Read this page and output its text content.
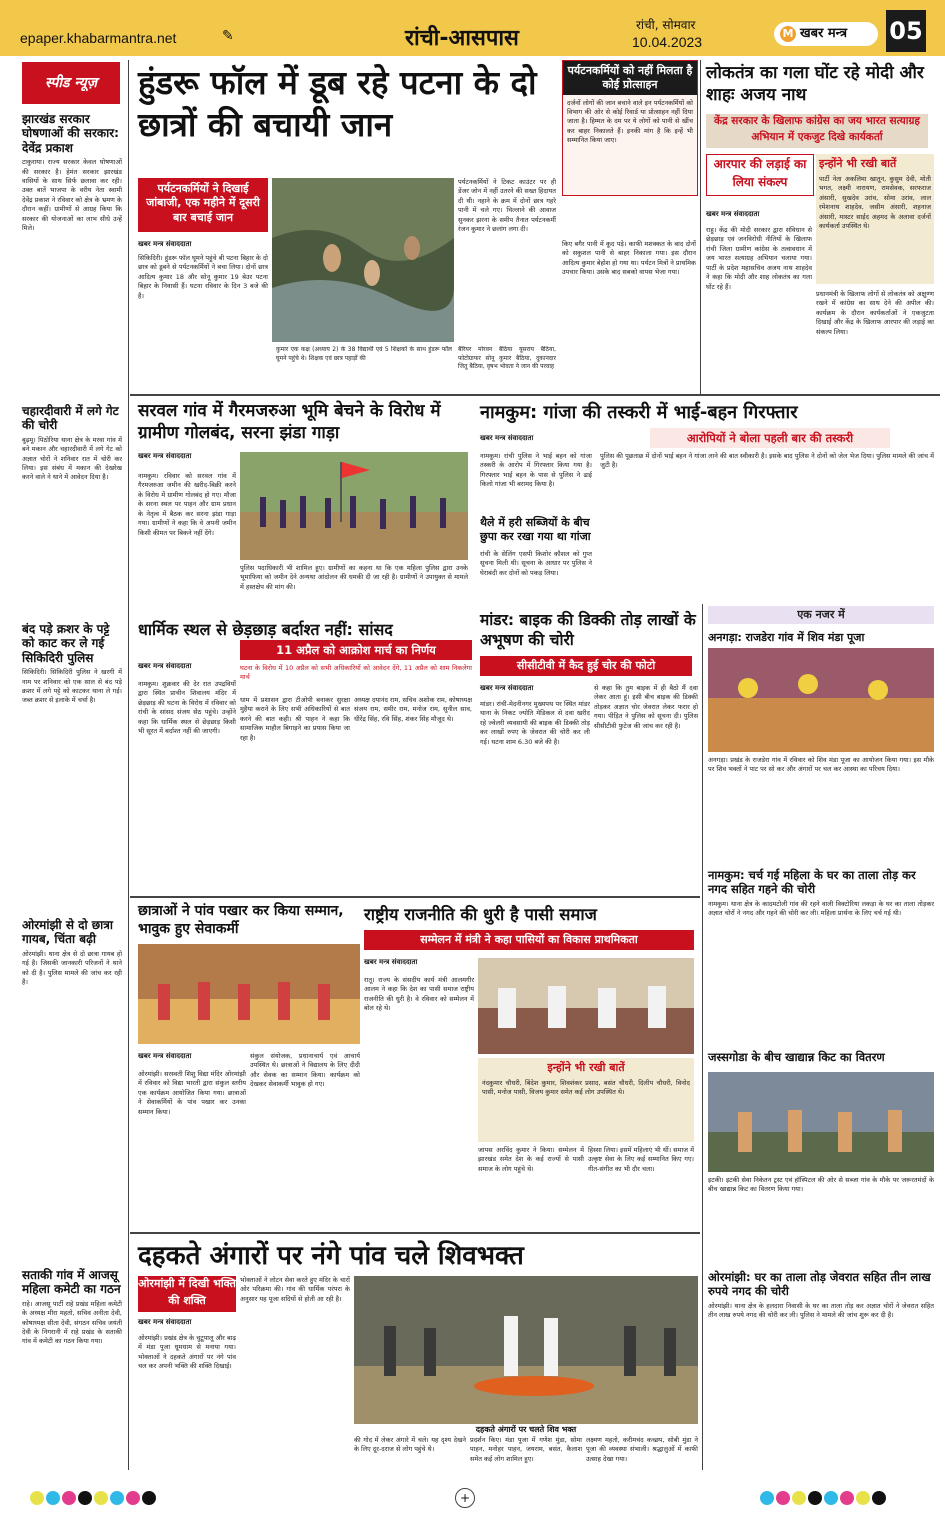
epaper.khabarmantra.net	✎	रांची-आसपास
रांची, सोमवार
10.04.2023
M खबर मन्त्र	05
स्पीड न्यूज़
झारखंड सरकार घोषणाओं की सरकार: देवेंद्र प्रकाश
टाकुराया। राज्य सरकार केवल घोषणाओं की सरकार है। हेमंत सरकार झारखंड वासियों के साथ सिर्फ छलावा कर रही। उक्त बातें भाजपा के वरीय नेता स्वामी देवेंद्र प्रकाश ने रविवार को क्षेत्र के भ्रमण के दौरान कहीं। ग्रामीणों से आग्रह किया कि सरकार की योजनाओं का लाभ सीधे उन्हें मिले।
चहारदीवारी में लगे गेट की चोरी
बुढ़मू। पिठोरिया थाना क्षेत्र के मरवा गांव में बने मकान और चहारदीवारी में लगे गेट को अज्ञात चोरों ने शनिवार रात में चोरी कर लिया। इस संबंध में मकान की देखरेख करने वाले ने थाने में आवेदन दिया है।
बंद पड़े क्रशर के पट्टे को काट कर ले गई सिकिदिरी पुलिस
सिकिदिरी। सिकिदिरी पुलिस ने खरगी में नाम पर शनिवार को एक साल से बंद पड़े क्रशर में लगे पट्टे को काटकर थाना ले गई। जब्त क्रशर से इलाके में चर्चा है।
ओरमांझी से दो छात्रा गायब, चिंता बढ़ी
ओरमांझी। थाना क्षेत्र से दो छात्रा गायब हो गई है। जिसकी जानकारी परिजनों ने थाने को दी है। पुलिस मामले की जांच कर रही है।
सताकी गांव में आजसू महिला कमेटी का गठन
राहे। आजसू पार्टी राहे प्रखंड महिला कमेटी के अध्यक्ष मीरा महतो, सचिव अनीता देवी, कोषाध्यक्ष सीता देवी, संगठन सचिव जयंती देवी के निगरानी में राहे प्रखंड के सताकी गांव में कमेटी का गठन किया गया।
हुंडरू फॉल में डूब रहे पटना के दो छात्रों की बचायी जान
पर्यटनकर्मियों ने दिखाई जांबाजी, एक महीने में दूसरी बार बचाई जान
खबर मन्त्र संवाददाता
सिकिदिरी। हुंडरू फॉल घूमने पहुंचे बी पटना बिहार के दो छात्र को डूबने से पर्यटनकर्मियों ने बचा लिया। दोनों छात्र आदित्य कुमार 18 और सोनू कुमार 19 बेउर पटना बिहार के निवासी हैं। घटना रविवार के दिन 3 बजे की है।
कुमार एक कक्ष (अध्याय 2) के 38 विद्यार्थी एवं 5 शिक्षकों के साथ हुंडरू फॉल घूमने पहुंचे थे। शिक्षक एवं छात्र पहाड़ों की
पर्यटनकर्मियों ने टिकट काउंटर पर ही डेंजर जोन में नहीं उतरने की सख्त हिदायत दी थी। नहाने के क्रम में दोनों छात्र गहरे पानी में चले गए। चिल्लाने की आवाज सुनकर झरना के समीप तैनात पर्यटनकर्मी रंजन कुमार ने छलांग लगा दी।
बैरियर मोरवन बैठिया यूसराय बैठिया, फोटोग्राफर सोनू कुमार बैठिया, दुकानदार जितू बैठिया, वृषभ भोवता ने जान की परवाह
पर्यटनकर्मियों को नहीं मिलता है कोई प्रोत्साहन
दर्जनों लोगों की जान बचाने वाले इन पर्यटनकर्मियों को विभाग की ओर से कोई रिवार्ड या प्रोत्साहन नहीं दिया जाता है। हिम्मत के दम पर ये लोगों को पानी से खींच कर बाहर निकालते हैं। इनकी मांग है कि इन्हें भी सम्मानित किया जाए।
किए बगैर पानी में कूद पड़े। काफी मशक्कत के बाद दोनों को सकुशल पानी से बाहर निकाला गया। इस दौरान आदित्य कुमार बेहोश हो गया था। पर्यटन मित्रों ने प्राथमिक उपचार किया। उसके बाद सबको वापस भेजा गया।
लोकतंत्र का गला घोंट रहे मोदी और शाहः अजय नाथ
केंद्र सरकार के खिलाफ कांग्रेस का जय भारत सत्याग्रह अभियान में एकजुट दिखे कार्यकर्ता
आरपार की लड़ाई का लिया संकल्प
खबर मन्त्र संवाददाता
राहु। केंद्र की मोदी सरकार द्वारा संविधान से छेड़छाड़ एवं जनविरोधी नीतियों के खिलाफ रांची जिला ग्रामीण कांग्रेस के तत्वावधान में जय भारत सत्याग्रह अभियान चलाया गया। पार्टी के प्रदेश महासचिव अजय नाथ शाहदेव ने कहा कि मोदी और शाह लोकतंत्र का गला घोंट रहे हैं।
इन्होंने भी रखी बातें
पार्टी नेता अकलिमा खातून, कुसुम देवी, मोती भगत, लक्ष्मी नारायण, रामसेवक, सरफराज अंसारी, सुखदेव उरांव, सोमा उरांव, लाल रमेशनाथ शाहदेव, जसीम अंसारी, शहनाज अंसारी, मास्टर साईद अहमद के अलावा दर्जनों कार्यकर्ता उपस्थित थे।
प्रधानमंत्री के खिलाफ लोगों से लोकतंत्र को अक्षुण्ण रखने में कांग्रेस का साथ देने की अपील की। कार्यक्रम के दौरान कार्यकर्ताओं ने एकजुटता दिखाई और केंद्र के खिलाफ आरपार की लड़ाई का संकल्प लिया।
सरवल गांव में गैरमजरुआ भूमि बेचने के विरोध में ग्रामीण गोलबंद, सरना झंडा गाड़ा
खबर मन्त्र संवाददाता
नामकुम। रविवार को सरवल गांव में गैरमजरुआ जमीन की खरीद-बिक्री करने के विरोध में ग्रामीण गोलबंद हो गए। मौजा के सरना स्थल पर पाहन और ग्राम प्रधान के नेतृत्व में बैठक कर सरना झंडा गाड़ा गया। ग्रामीणों ने कहा कि वे अपनी जमीन किसी कीमत पर बिकने नहीं देंगे।
पुलिस पदाधिकारी भी शामिल हुए। ग्रामीणों का कहना था कि एक महिला पुलिस द्वारा उनके भूमाफिया को जमीन देने अन्यथा आंदोलन की धमकी दी जा रही है। ग्रामीणों ने उपायुक्त से मामले में हस्तक्षेप की मांग की।
धार्मिक स्थल से छेड़छाड़ बर्दाश्त नहीं: सांसद
11 अप्रैल को आक्रोश मार्च का निर्णय
घटना के विरोध में 10 अप्रैल को सभी अधिकारियों को आवेदन देंगे, 11 अप्रैल को शाम निकलेगा मार्च
खबर मन्त्र संवाददाता
नामकुम। शुक्रवार की देर रात उपद्रवियों द्वारा स्थित प्राचीन शिवालय मंदिर में छेड़छाड़ की घटना के विरोध में रविवार को रांची के सांसद संजय सेठ पहुंचे। उन्होंने कहा कि धार्मिक स्थल से छेड़छाड़ किसी भी सूरत में बर्दाश्त नहीं की जाएगी।
धाम में प्रशासन द्वारा टीओपी बनाकर सुरक्षा मुहैया कराने के लिए सभी अधिकारियों से बात करने की बात कही। श्री पाहन ने कहा कि सामाजिक माहौल बिगाड़ने का प्रयास किया जा रहा है।
अध्यक्ष दयानंद राम, सचिव अशोक राम, कोषाध्यक्ष संजय राम, समीर राम, मनोज राम, सुनील साव, धीरेंद्र सिंह, रवि सिंह, शंकर सिंह मौजूद थे।
नामकुम: गांजा की तस्करी में भाई-बहन गिरफ्तार
आरोपियों ने बोला पहली बार की तस्करी
खबर मन्त्र संवाददाता
नामकुम। रांची पुलिस ने भाई बहन को गांजा तस्करी के आरोप में गिरफ्तार किया गया है। गिरफ्तार भाई बहन के पास से पुलिस ने ढाई किलो गांजा भी बरामद किया है।
थैले में हरी सब्जियों के बीच छुपा कर रखा गया था गांजा
रांची के सेलिंग एसपी किशोर कौशल को गुप्त सूचना मिली थी। सूचना के आधार पर पुलिस ने घेराबंदी कर दोनों को पकड़ लिया।
पुलिस की पूछताछ में दोनों भाई बहन ने गांजा लाने की बात स्वीकारी है। इसके बाद पुलिस ने दोनों को जेल भेज दिया। पुलिस मामले की जांच में जुटी है।
मांडर: बाइक की डिक्की तोड़ लाखों के अभूषण की चोरी
सीसीटीवी में कैद हुई चोर की फोटो
खबर मन्त्र संवाददाता
मांडर। रांची-मेदनीनगर मुख्यपथ पर स्थित मांडर थाना के निकट ज्योति मेडिकल से दवा खरीद रहे ज्वेलरी व्यवसायी की बाइक की डिक्की तोड़ कर लाखों रुपए के जेवरात की चोरी कर ली गई। घटना शाम 6.30 बजे की है।
से कहा कि तुम बाइक में ही बैठो मैं दवा लेकर आता हूं। इसी बीच बाइक की डिक्की तोड़कर अज्ञात चोर जेवरात लेकर फरार हो गया। पीड़ित ने पुलिस को सूचना दी। पुलिस सीसीटीवी फुटेज की जांच कर रही है।
एक नजर में
अनगड़ा: राजडेरा गांव में शिव मंडा पूजा
अनगड़ा। प्रखंड के राजडेरा गांव में रविवार को शिव मंडा पूजा का आयोजन किया गया। इस मौके पर शिव भक्तों ने पाट पर सो कर और अंगारों पर चल कर आस्था का परिचय दिया।
नामकुम: चर्च गई महिला के घर का ताला तोड़ कर नगद सहित गहने की चोरी
नामकुम। थाना क्षेत्र के कादमटोली गांव की रहने वाली विक्टोरिया लकड़ा के घर का ताला तोड़कर अज्ञात चोरों ने नगद और गहने की चोरी कर ली। महिला प्रार्थना के लिए चर्च गई थी।
जस्सगोडा के बीच खाद्यान्न किट का वितरण
इटकी। इटकी सेवा निकेतन ट्रस्ट एवं हॉस्पिटल की ओर से सब्जा गांव के मौके पर जरूरतमंदों के बीच खाद्यान्न किट का वितरण किया गया।
ओरमांझी: घर का ताला तोड़ जेवरात सहित तीन लाख रुपये नगद की चोरी
ओरमांझी। थाना क्षेत्र के हलदारा निवासी के घर का ताला तोड़ कर अज्ञात चोरों ने जेवरात सहित तीन लाख रुपये नगद की चोरी कर ली। पुलिस ने मामले की जांच शुरू कर दी है।
छात्राओं ने पांव पखार कर किया सम्मान, भावुक हुए सेवाकर्मी
खबर मन्त्र संवाददाता
ओरमांझी। सरस्वती शिशु विद्या मंदिर ओरमांझी में रविवार को विद्या भारती द्वारा संकुल स्तरीय एक कार्यक्रम आयोजित किया गया। छात्राओं ने सेवाकर्मियों के पांव पखार कर उनका सम्मान किया।
संकुल संयोजक, प्रधानाचार्य एवं आचार्य उपस्थित थे। छात्राओं ने विद्यालय के लिए दीदी और सेवक का सम्मान किया। कार्यक्रम को देखकर सेवाकर्मी भावुक हो गए।
राष्ट्रीय राजनीति की धुरी है पासी समाज
सम्मेलन में मंत्री ने कहा पासियों का विकास प्राथमिकता
खबर मन्त्र संवाददाता
रातू। राज्य के संसदीय कार्य मंत्री आलमगीर आलम ने कहा कि देश का पासी समाज राष्ट्रीय राजनीति की धुरी है। वे रविवार को सम्मेलन में बोल रहे थे।
इन्होंने भी रखी बातें
नंदकुमार चौधरी, बिंदेश कुमार, शिवशंकर प्रसाद, बसंत चौधरी, दिलीप चौधरी, विनोद पासी, मनोज पासी, विजय कुमार समेत कई लोग उपस्थित थे।
जापस अरविंद कुमार ने किया। सम्मेलन में झारखंड समेत देश के कई राज्यों से पासी समाज के लोग पहुंचे थे।
हिस्सा लिया। इसमें महिलाएं भी थीं। समाज में उत्कृष्ट सेवा के लिए कई सम्मानित किए गए। गीत-संगीत का भी दौर चला।
दहकते अंगारों पर नंगे पांव चले शिवभक्त
ओरमांझी में दिखी भक्ति की शक्ति
खबर मन्त्र संवाददाता
ओरमांझी। प्रखंड क्षेत्र के चुटूपालू और बाढ़ में मंडा पूजा धूमधाम से मनाया गया। भोक्ताओं ने दहकते अंगारों पर नंगे पांव चल कर अपनी भक्ति की शक्ति दिखाई।
भोक्ताओं ने लोटन सेवा करते हुए मंदिर के चारों ओर परिक्रमा की। गांव की धार्मिक परंपरा के अनुसार यह पूजा सदियों से होती आ रही है।
दहकते अंगारों पर चलते शिव भक्त
की गोद में लेकर अंगारे में चले। यह दृश्य देखने के लिए दूर-दराज से लोग पहुंचे थे।
प्रदर्शन किए। मंडा पूजा में गणेश मुंडा, सोमा पाहन, मनोहर पाहन, जयराम, बसंत, कैलाश समेत कई लोग शामिल हुए।
लक्ष्मण महतो, करीमचंद कच्छप, सोबी मुंडा ने पूजा की व्यवस्था संभाली। श्रद्धालुओं में काफी उत्साह देखा गया।
+
